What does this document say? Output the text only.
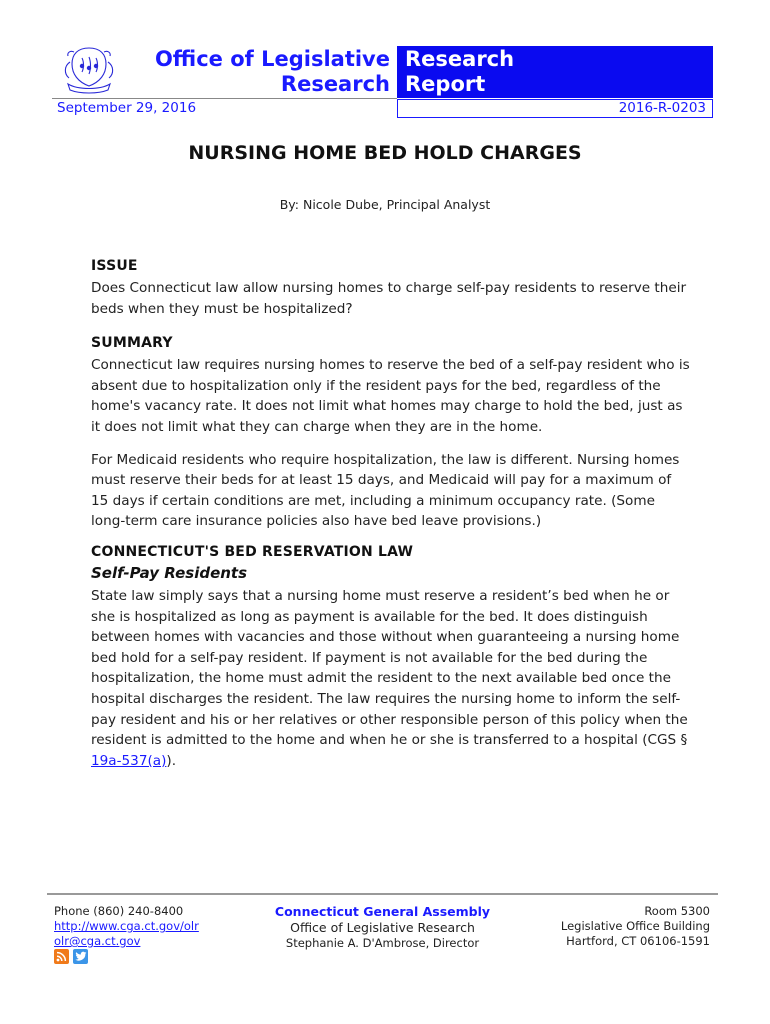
Office of Legislative
Research
Research
Report
September 29, 2016	2016-R-0203
NURSING HOME BED HOLD CHARGES
By: Nicole Dube, Principal Analyst
ISSUE

Does Connecticut law allow nursing homes to charge self-pay residents to reserve their beds when they must be hospitalized?

SUMMARY

Connecticut law requires nursing homes to reserve the bed of a self-pay resident who is absent due to hospitalization only if the resident pays for the bed, regardless of the home's vacancy rate. It does not limit what homes may charge to hold the bed, just as it does not limit what they can charge when they are in the home.

For Medicaid residents who require hospitalization, the law is different. Nursing homes must reserve their beds for at least 15 days, and Medicaid will pay for a maximum of 15 days if certain conditions are met, including a minimum occupancy rate. (Some long-term care insurance policies also have bed leave provisions.)

CONNECTICUT'S BED RESERVATION LAW
Self-Pay Residents

State law simply says that a nursing home must reserve a resident’s bed when he or she is hospitalized as long as payment is available for the bed. It does distinguish between homes with vacancies and those without when guaranteeing a nursing home bed hold for a self-pay resident. If payment is not available for the bed during the hospitalization, the home must admit the resident to the next available bed once the hospital discharges the resident. The law requires the nursing home to inform the self-pay resident and his or her relatives or other responsible person of this policy when the resident is admitted to the home and when he or she is transferred to a hospital (CGS § 19a-537(a)).

Phone (860) 240-8400
http://www.cga.ct.gov/olr
olr@cga.ct.gov
Connecticut General Assembly
Office of Legislative Research
Stephanie A. D'Ambrose, Director
Room 5300
Legislative Office Building
Hartford, CT 06106-1591
